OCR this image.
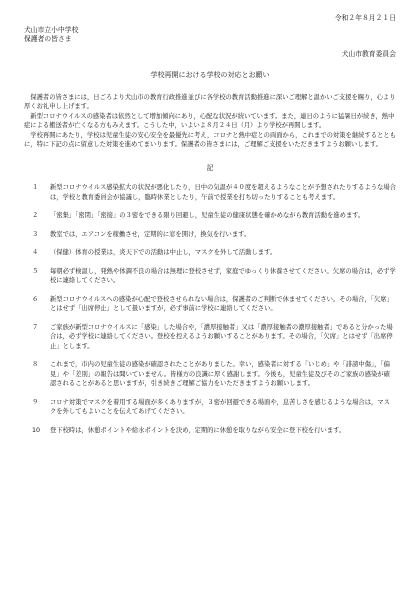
令和２年８月２１日
犬山市立小中学校
保護者の皆さま
犬山市教育委員会
学校再開における学校の対応とお願い

保護者の皆さまには，日ごろより犬山市の教育行政推進並びに各学校の教育活動推進に深いご理解と温かいご支援を賜り，心より厚くお礼申し上げます。

新型コロナウイルスの感染者は依然として増加傾向にあり，心配な状況が続いています。また，連日のように猛暑日が続き，熱中症による搬送者が亡くなる方もみえます。こうした中，いよいよ８月２４日（月）より学校が再開します。

学校再開にあたり，学校は児童生徒の安心安全を最優先に考え，コロナと熱中症との両面から，これまでの対策を継続するとともに，特に下記の点に留意した対策を進めてまいります。保護者の皆さまには，ご理解ご支援をいただきますようお願いします。

記
１	新型コロナウイルス感染拡大の状況が悪化したり，日中の気温が４０度を超えるようなことが予想されたりするような場合は，学校と教育委員会が協議し，臨時休業としたり，午前で授業を打ち切ったりすることも考えます。
２	「密集」「密閉」「密接」の３密をできる限り回避し，児童生徒の健康状態を確かめながら教育活動を進めます。
３	教室では，エアコンを稼働させ，定期的に窓を開け，換気を行います。
４	（保健）体育の授業は，炎天下での活動は中止し，マスクを外して活動します。
５	毎朝必ず検温し，発熱や体調不良の場合は無理に登校させず，家庭でゆっくり休養させてください。欠席の場合は，必ず学校に連絡してください。
６	新型コロナウイルスへの感染が心配で登校させられない場合は，保護者のご判断で休ませてください。その場合，「欠席」とはせず「出席停止」として扱いますが，必ず事前に学校に連絡してください。
７	ご家族が新型コロナウイルスに「感染」した場合や，「濃厚接触者」又は「濃厚接触者の濃厚接触者」であると分かった場合は，必ず学校に連絡してください。登校を控えるようお願いすることがあります。その場合，「欠席」とはせず「出席停止」とします。
８	これまで，市内の児童生徒の感染が確認されたことがありました。幸い，感染者に対する「いじめ」や「誹謗中傷」，「偏見」や「差別」の報告は聞いていません。皆様方の良識に厚く感謝します。今後も，児童生徒及びそのご家族の感染が確認されることがあると思いますが，引き続きご理解ご協力をいただきますようお願いします。
９	コロナ対策でマスクを着用する場面が多くありますが，３密が回避できる場面や，息苦しさを感じるような場合は，マスクを外してもよいことを伝えてあげてください。
10	登下校時は，休憩ポイントや給水ポイントを決め，定期的に休憩を取りながら安全に登下校を行います。
